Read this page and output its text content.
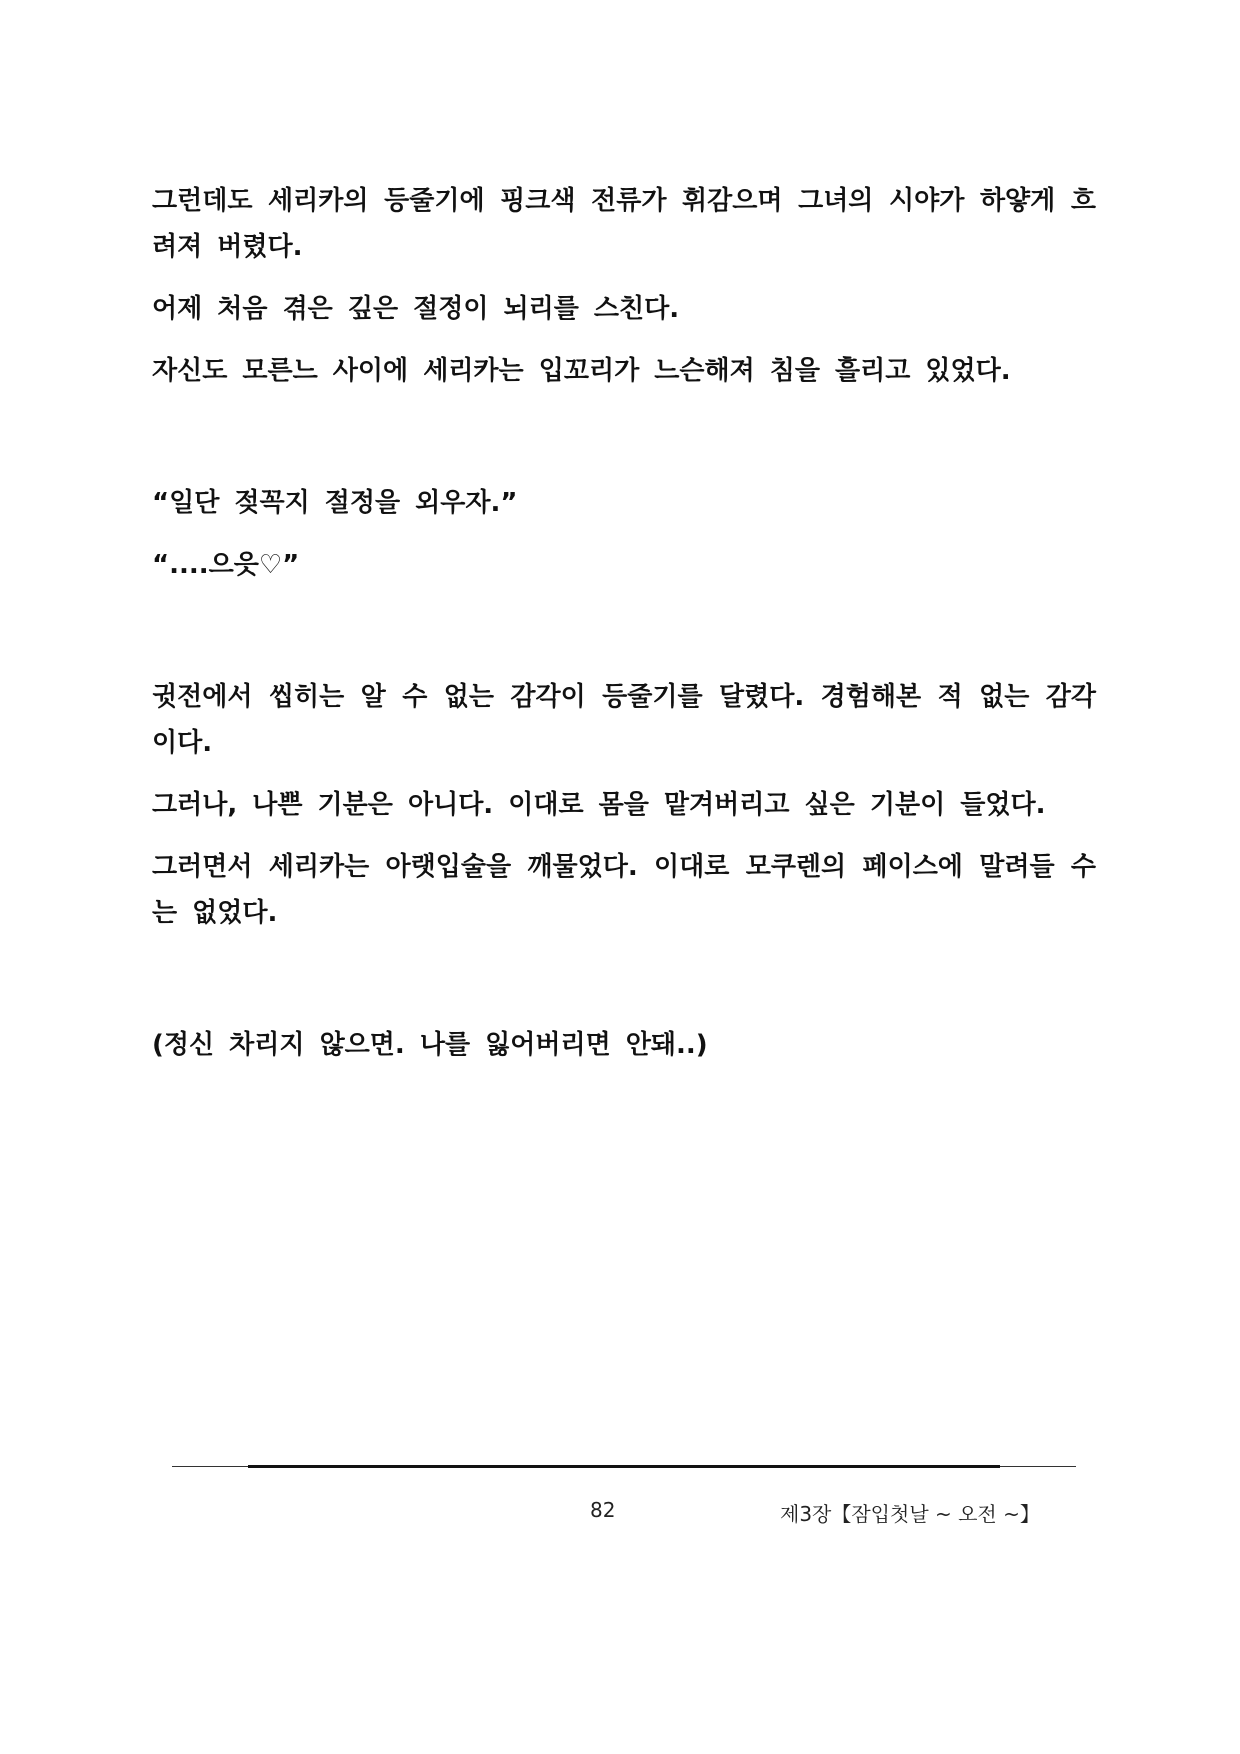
그런데도 세리카의 등줄기에 핑크색 전류가 휘감으며 그녀의 시야가 하얗게 흐려져 버렸다.

어제 처음 겪은 깊은 절정이 뇌리를 스친다.

자신도 모른느 사이에 세리카는 입꼬리가 느슨해져 침을 흘리고 있었다.

“일단 젖꼭지 절정을 외우자.”

“....으읏♡”

귓전에서 씹히는 알 수 없는 감각이 등줄기를 달렸다. 경험해본 적 없는 감각이다.

그러나, 나쁜 기분은 아니다. 이대로 몸을 맡겨버리고 싶은 기분이 들었다.

그러면서 세리카는 아랫입술을 깨물었다. 이대로 모쿠렌의 페이스에 말려들 수는 없었다.

(정신 차리지 않으면. 나를 잃어버리면 안돼..)

82	제3장【잠입첫날 ~ 오전 ~】
